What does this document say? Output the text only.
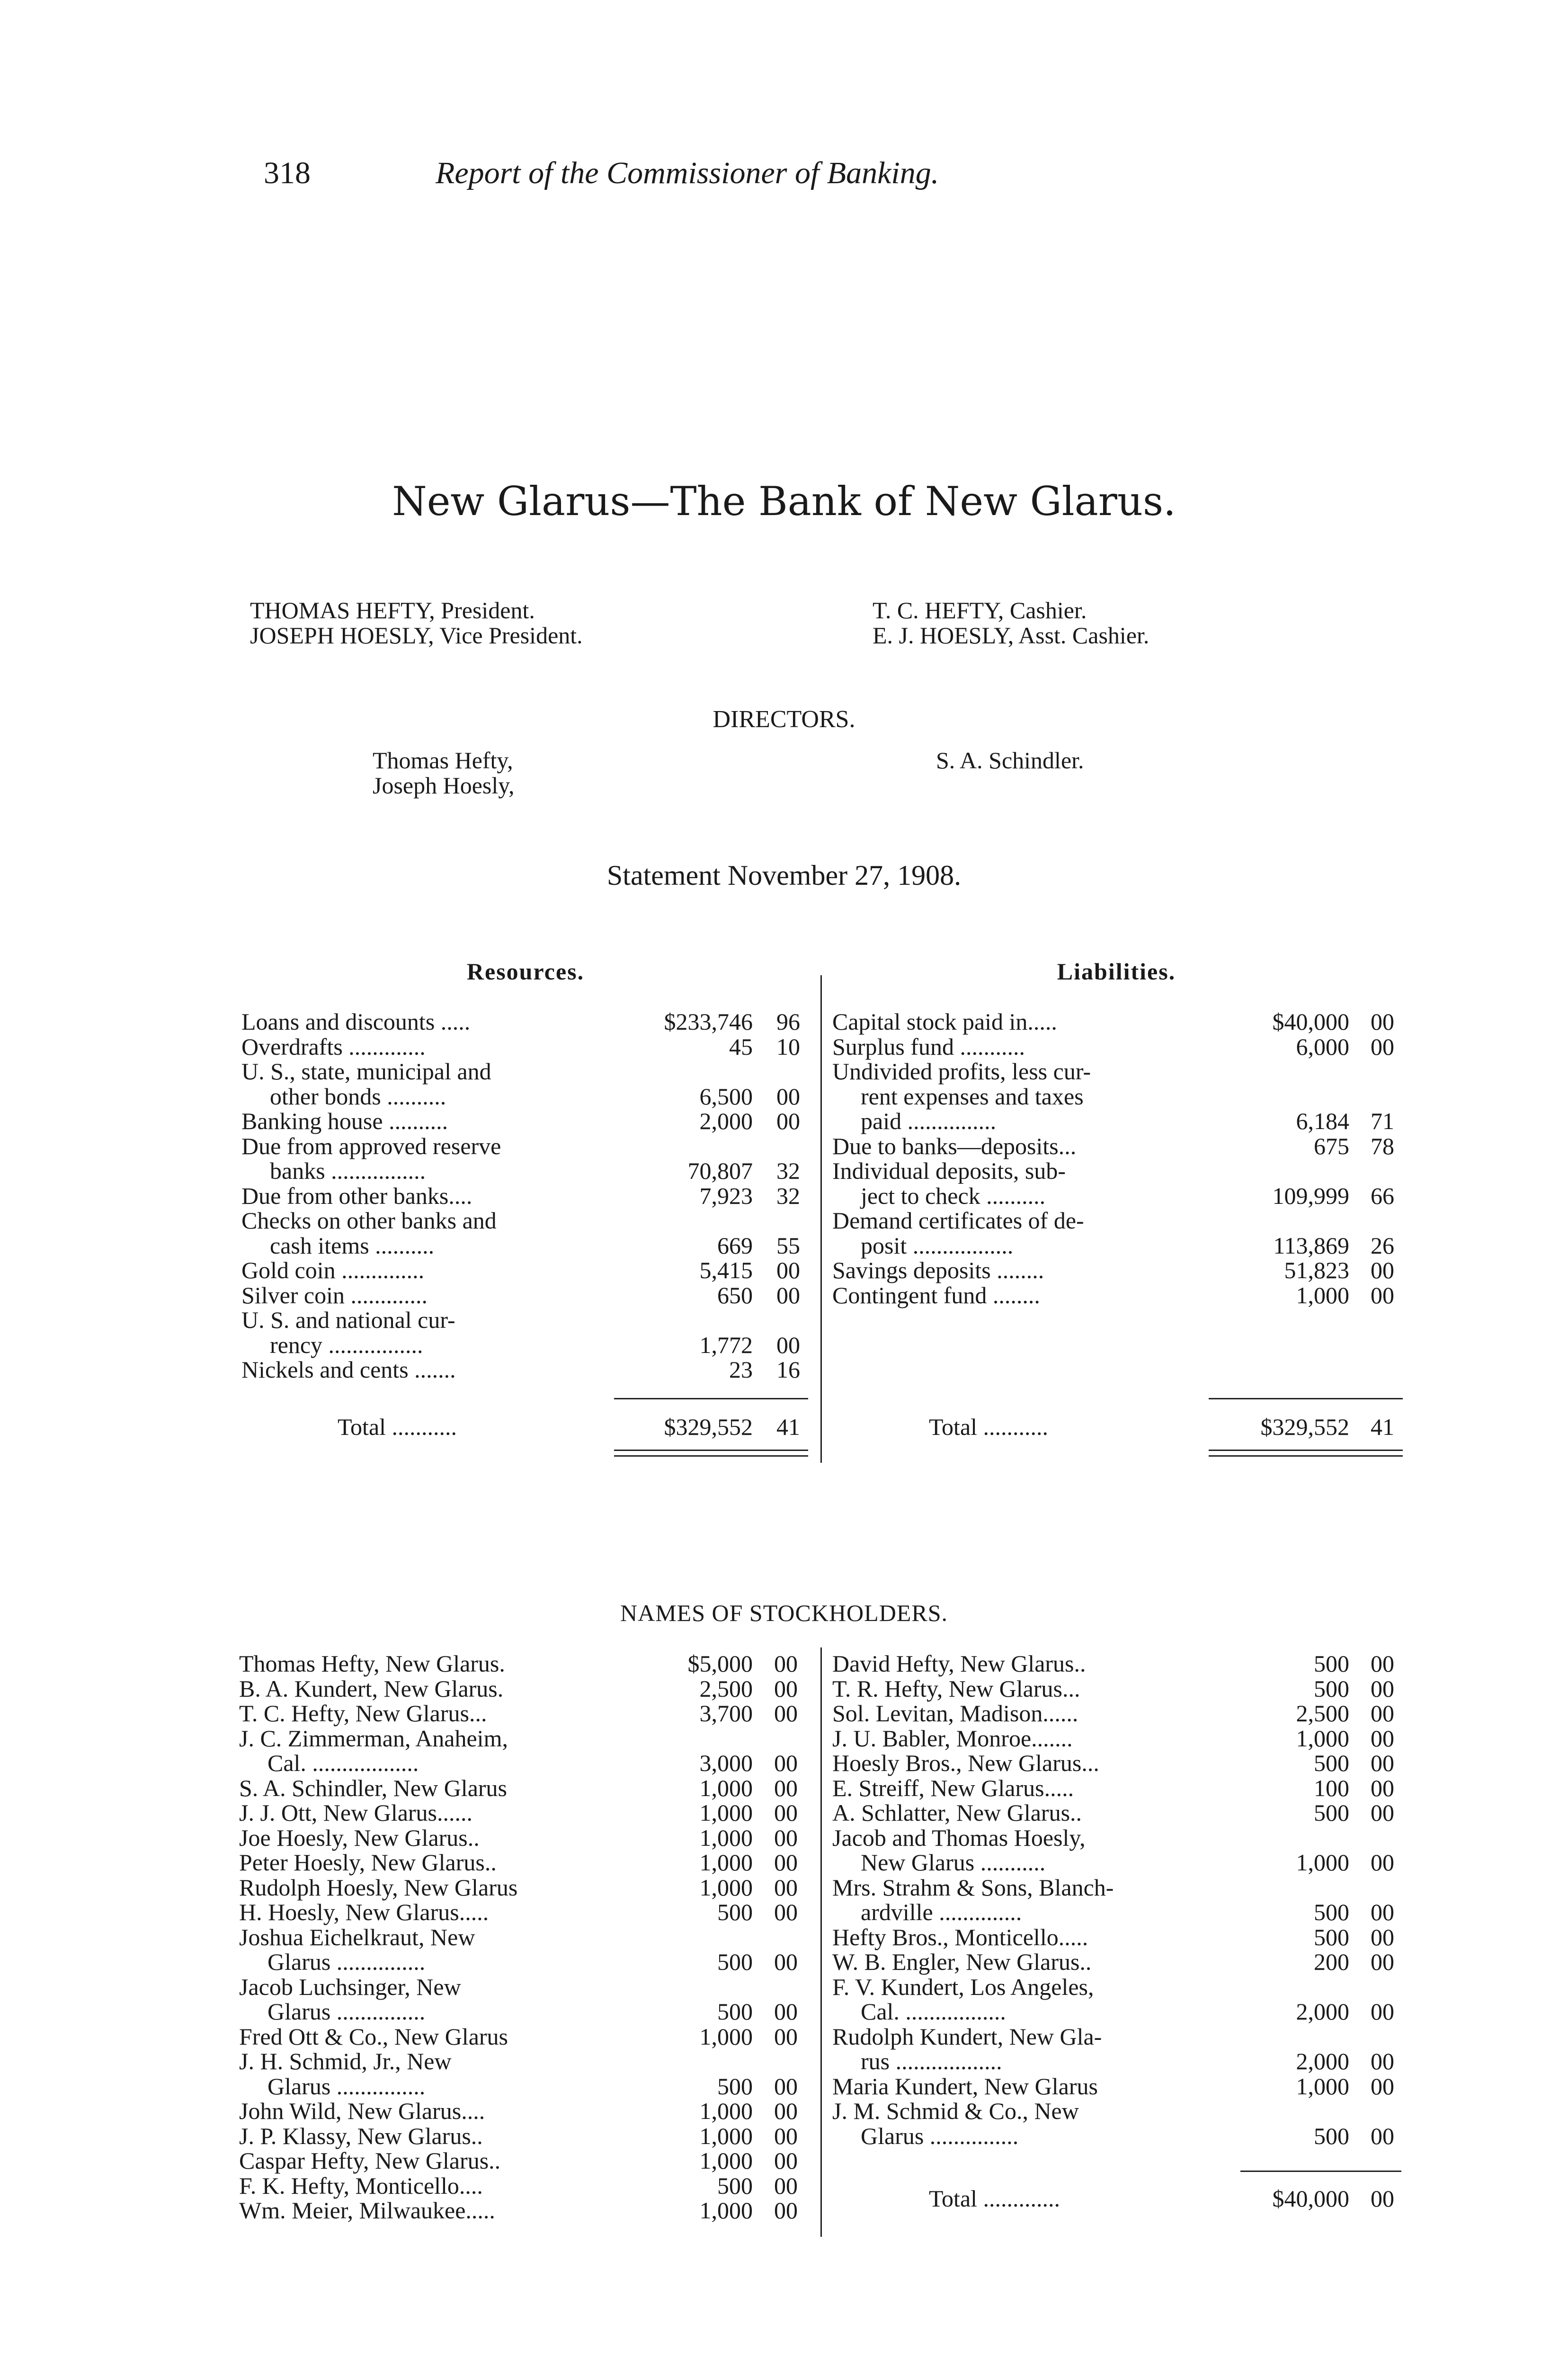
318	Report of the Commissioner of Banking.
New Glarus—The Bank of New Glarus.
THOMAS HEFTY, President.
JOSEPH HOESLY, Vice President.
T. C. HEFTY, Cashier.
E. J. HOESLY, Asst. Cashier.
DIRECTORS.
Thomas Hefty,
Joseph Hoesly,
S. A. Schindler.
Statement November 27, 1908.
Resources.	Liabilities.
Loans and discounts .....	$233,746 96
Overdrafts .............	45 10
U. S., state, municipal and
other bonds ..........	6,500 00
Banking house ..........	2,000 00
Due from approved reserve
banks ................	70,807 32
Due from other banks....	7,923 32
Checks on other banks and
cash items ..........	669 55
Gold coin ..............	5,415 00
Silver coin .............	650 00
U. S. and national cur-
rency ................	1,772 00
Nickels and cents .......	23 16
Capital stock paid in.....	$40,000 00
Surplus fund ...........	6,000 00
Undivided profits, less cur-
rent expenses and taxes
paid ...............	6,184 71
Due to banks—deposits...	675 78
Individual deposits, sub-
ject to check ..........	109,999 66
Demand certificates of de-
posit .................	113,869 26
Savings deposits ........	51,823 00
Contingent fund ........	1,000 00
Total ...........	$329,552 41	Total ...........	$329,552 41
NAMES OF STOCKHOLDERS.
Thomas Hefty, New Glarus.	$5,000 00
B. A. Kundert, New Glarus.	2,500 00
T. C. Hefty, New Glarus...	3,700 00
J. C. Zimmerman, Anaheim,
Cal. ..................	3,000 00
S. A. Schindler, New Glarus	1,000 00
J. J. Ott, New Glarus......	1,000 00
Joe Hoesly, New Glarus..	1,000 00
Peter Hoesly, New Glarus..	1,000 00
Rudolph Hoesly, New Glarus	1,000 00
H. Hoesly, New Glarus.....	500 00
Joshua Eichelkraut, New
Glarus ...............	500 00
Jacob Luchsinger, New
Glarus ...............	500 00
Fred Ott & Co., New Glarus	1,000 00
J. H. Schmid, Jr., New
Glarus ...............	500 00
John Wild, New Glarus....	1,000 00
J. P. Klassy, New Glarus..	1,000 00
Caspar Hefty, New Glarus..	1,000 00
F. K. Hefty, Monticello....	500 00
Wm. Meier, Milwaukee.....	1,000 00
David Hefty, New Glarus..	500 00
T. R. Hefty, New Glarus...	500 00
Sol. Levitan, Madison......	2,500 00
J. U. Babler, Monroe.......	1,000 00
Hoesly Bros., New Glarus...	500 00
E. Streiff, New Glarus.....	100 00
A. Schlatter, New Glarus..	500 00
Jacob and Thomas Hoesly,
New Glarus ...........	1,000 00
Mrs. Strahm & Sons, Blanch-
ardville ..............	500 00
Hefty Bros., Monticello.....	500 00
W. B. Engler, New Glarus..	200 00
F. V. Kundert, Los Angeles,
Cal. .................	2,000 00
Rudolph Kundert, New Gla-
rus ..................	2,000 00
Maria Kundert, New Glarus	1,000 00
J. M. Schmid & Co., New
Glarus ...............	500 00
Total .............	$40,000 00
